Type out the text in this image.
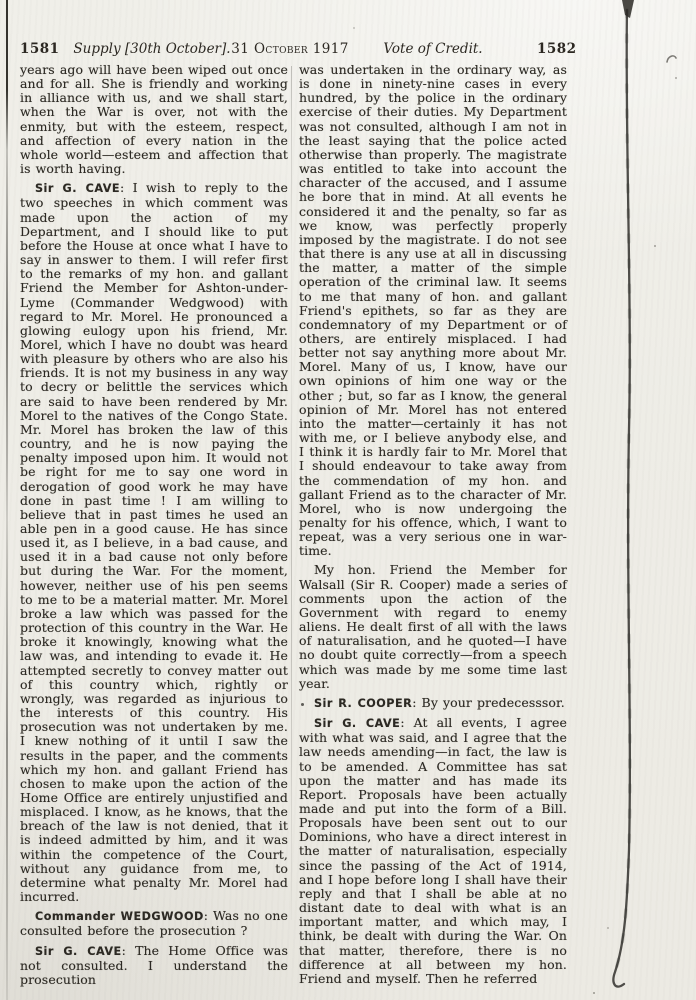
1581	Supply [30th October]. 31 October 1917	Vote of Credit.	1582

years ago will have been wiped out once and for all. She is friendly and working in alliance with us, and we shall start, when the War is over, not with the enmity, but with the esteem, respect, and affection of every nation in the whole world—esteem and affection that is worth having.

Sir G. CAVE: I wish to reply to the two speeches in which comment was made upon the action of my Department, and I should like to put before the House at once what I have to say in answer to them. I will refer first to the remarks of my hon. and gallant Friend the Member for Ashton-under-Lyme (Commander Wedgwood) with regard to Mr. Morel. He pronounced a glowing eulogy upon his friend, Mr. Morel, which I have no doubt was heard with pleasure by others who are also his friends. It is not my business in any way to decry or belittle the services which are said to have been rendered by Mr. Morel to the natives of the Congo State. Mr. Morel has broken the law of this country, and he is now paying the penalty imposed upon him. It would not be right for me to say one word in derogation of good work he may have done in past time ! I am willing to believe that in past times he used an able pen in a good cause. He has since used it, as I believe, in a bad cause, and used it in a bad cause not only before but during the War. For the moment, however, neither use of his pen seems to me to be a material matter. Mr. Morel broke a law which was passed for the protection of this country in the War. He broke it knowingly, knowing what the law was, and intending to evade it. He attempted secretly to convey matter out of this country which, rightly or wrongly, was regarded as injurious to the interests of this country. His prosecution was not undertaken by me. I knew nothing of it until I saw the results in the paper, and the comments which my hon. and gallant Friend has chosen to make upon the action of the Home Office are entirely unjustified and misplaced. I know, as he knows, that the breach of the law is not denied, that it is indeed admitted by him, and it was within the competence of the Court, without any guidance from me, to determine what penalty Mr. Morel had incurred.

Commander WEDGWOOD: Was no one consulted before the prosecution ?

Sir G. CAVE: The Home Office was not consulted. I understand the prosecution

was undertaken in the ordinary way, as is done in ninety-nine cases in every hundred, by the police in the ordinary exercise of their duties. My Department was not consulted, although I am not in the least saying that the police acted otherwise than properly. The magistrate was entitled to take into account the character of the accused, and I assume he bore that in mind. At all events he considered it and the penalty, so far as we know, was perfectly properly imposed by the magistrate. I do not see that there is any use at all in discussing the matter, a matter of the simple operation of the criminal law. It seems to me that many of hon. and gallant Friend's epithets, so far as they are condemnatory of my Department or of others, are entirely misplaced. I had better not say anything more about Mr. Morel. Many of us, I know, have our own opinions of him one way or the other ; but, so far as I know, the general opinion of Mr. Morel has not entered into the matter—certainly it has not with me, or I believe anybody else, and I think it is hardly fair to Mr. Morel that I should endeavour to take away from the commendation of my hon. and gallant Friend as to the character of Mr. Morel, who is now undergoing the penalty for his offence, which, I want to repeat, was a very serious one in war-time.

My hon. Friend the Member for Walsall (Sir R. Cooper) made a series of comments upon the action of the Government with regard to enemy aliens. He dealt first of all with the laws of naturalisation, and he quoted—I have no doubt quite correctly—from a speech which was made by me some time last year.

Sir R. COOPER: By your predecesssor.

Sir G. CAVE: At all events, I agree with what was said, and I agree that the law needs amending—in fact, the law is to be amended. A Committee has sat upon the matter and has made its Report. Proposals have been actually made and put into the form of a Bill. Proposals have been sent out to our Dominions, who have a direct interest in the matter of naturalisation, especially since the passing of the Act of 1914, and I hope before long I shall have their reply and that I shall be able at no distant date to deal with what is an important matter, and which may, I think, be dealt with during the War. On that matter, therefore, there is no difference at all between my hon. Friend and myself. Then he referred
